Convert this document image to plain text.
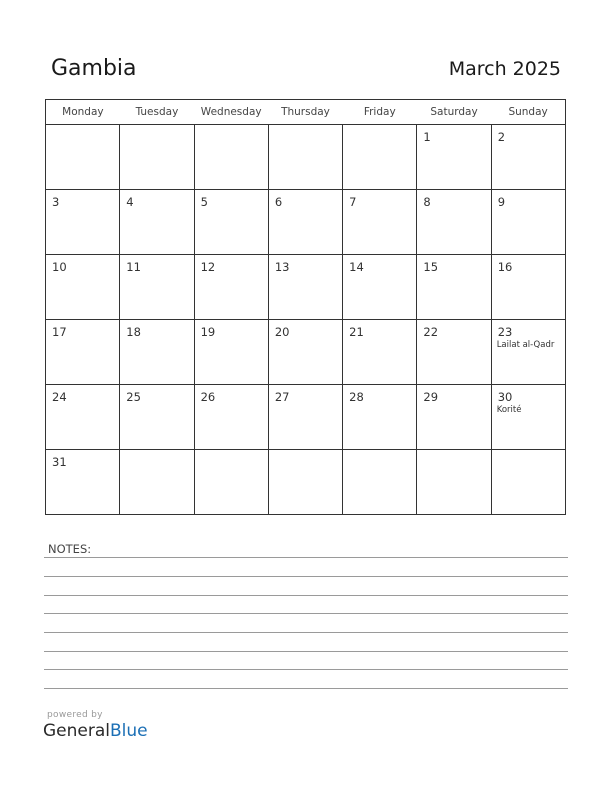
Gambia	March 2025
Monday	Tuesday	Wednesday	Thursday	Friday	Saturday	Sunday

					1	2

3	4	5	6	7	8	9

10	11	12	13	14	15	16

17	18	19	20	21	22	23
Lailat al-Qadr

24	25	26	27	28	29	30
Korité

31						

NOTES:
powered by
GeneralBlue
